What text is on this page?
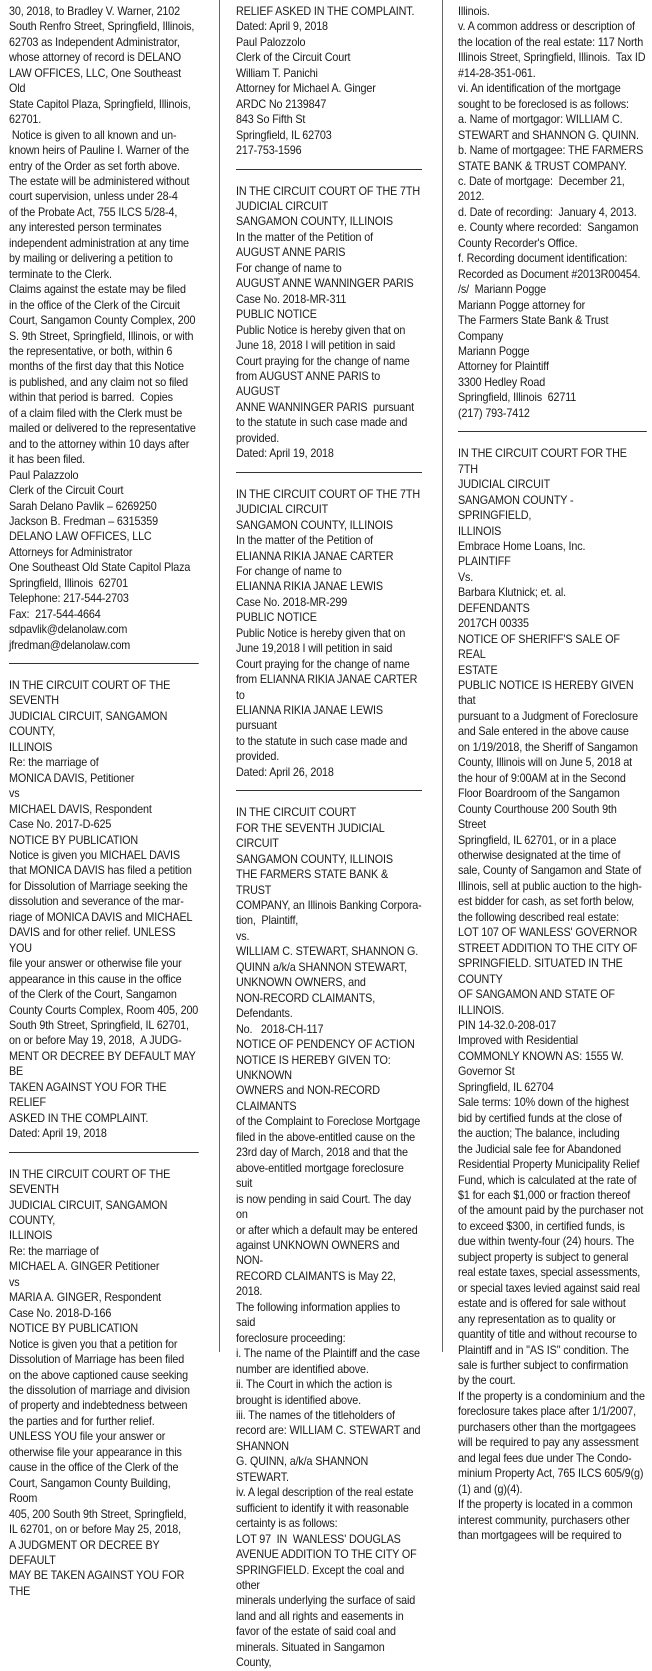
30, 2018, to Bradley V. Warner, 2102

South Renfro Street, Springfield, Illinois,

62703 as Independent Administrator,

whose attorney of record is DELANO

LAW OFFICES, LLC, One Southeast Old

State Capitol Plaza, Springfield, Illinois,

62701.

Notice is given to all known and un-

known heirs of Pauline I. Warner of the

entry of the Order as set forth above.

The estate will be administered without

court supervision, unless under 28-4

of the Probate Act, 755 ILCS 5/28-4,

any interested person terminates

independent administration at any time

by mailing or delivering a petition to

terminate to the Clerk.

Claims against the estate may be filed

in the office of the Clerk of the Circuit

Court, Sangamon County Complex, 200

S. 9th Street, Springfield, Illinois, or with

the representative, or both, within 6

months of the first day that this Notice

is published, and any claim not so filed

within that period is barred.  Copies

of a claim filed with the Clerk must be

mailed or delivered to the representative

and to the attorney within 10 days after

it has been filed.

Paul Palazzolo

Clerk of the Circuit Court

Sarah Delano Pavlik – 6269250

Jackson B. Fredman – 6315359

DELANO LAW OFFICES, LLC

Attorneys for Administrator

One Southeast Old State Capitol Plaza

Springfield, Illinois  62701

Telephone: 217-544-2703

Fax:  217-544-4664

sdpavlik@delanolaw.com

jfredman@delanolaw.com

IN THE CIRCUIT COURT OF THE SEVENTH

JUDICIAL CIRCUIT, SANGAMON COUNTY,

ILLINOIS

Re: the marriage of

MONICA DAVIS, Petitioner

vs

MICHAEL DAVIS, Respondent

Case No. 2017-D-625

NOTICE BY PUBLICATION

Notice is given you MICHAEL DAVIS

that MONICA DAVIS has filed a petition

for Dissolution of Marriage seeking the

dissolution and severance of the mar-

riage of MONICA DAVIS and MICHAEL

DAVIS and for other relief. UNLESS YOU

file your answer or otherwise file your

appearance in this cause in the office

of the Clerk of the Court, Sangamon

County Courts Complex, Room 405, 200

South 9th Street, Springfield, IL 62701,

on or before May 19, 2018,  A JUDG-

MENT OR DECREE BY DEFAULT MAY BE

TAKEN AGAINST YOU FOR THE RELIEF

ASKED IN THE COMPLAINT.

Dated: April 19, 2018

IN THE CIRCUIT COURT OF THE SEVENTH

JUDICIAL CIRCUIT, SANGAMON COUNTY,

ILLINOIS

Re: the marriage of

MICHAEL A. GINGER Petitioner

vs

MARIA A. GINGER, Respondent

Case No. 2018-D-166

NOTICE BY PUBLICATION

Notice is given you that a petition for

Dissolution of Marriage has been filed

on the above captioned cause seeking

the dissolution of marriage and division

of property and indebtedness between

the parties and for further relief.

UNLESS YOU file your answer or

otherwise file your appearance in this

cause in the office of the Clerk of the

Court, Sangamon County Building, Room

405, 200 South 9th Street, Springfield,

IL 62701, on or before May 25, 2018,

A JUDGMENT OR DECREE BY DEFAULT

MAY BE TAKEN AGAINST YOU FOR THE

RELIEF ASKED IN THE COMPLAINT.

Dated: April 9, 2018

Paul Palozzolo

Clerk of the Circuit Court

William T. Panichi

Attorney for Michael A. Ginger

ARDC No 2139847

843 So Fifth St

Springfield, IL 62703

217-753-1596

IN THE CIRCUIT COURT OF THE 7TH

JUDICIAL CIRCUIT

SANGAMON COUNTY, ILLINOIS

In the matter of the Petition of

AUGUST ANNE PARIS

For change of name to

AUGUST ANNE WANNINGER PARIS

Case No. 2018-MR-311

PUBLIC NOTICE

Public Notice is hereby given that on

June 18, 2018 I will petition in said

Court praying for the change of name

from AUGUST ANNE PARIS to AUGUST

ANNE WANNINGER PARIS  pursuant

to the statute in such case made and

provided.

Dated: April 19, 2018

IN THE CIRCUIT COURT OF THE 7TH

JUDICIAL CIRCUIT

SANGAMON COUNTY, ILLINOIS

In the matter of the Petition of

ELIANNA RIKIA JANAE CARTER

For change of name to

ELIANNA RIKIA JANAE LEWIS

Case No. 2018-MR-299

PUBLIC NOTICE

Public Notice is hereby given that on

June 19,2018 I will petition in said

Court praying for the change of name

from ELIANNA RIKIA JANAE CARTER to

ELIANNA RIKIA JANAE LEWIS  pursuant

to the statute in such case made and

provided.

Dated: April 26, 2018

IN THE CIRCUIT COURT

FOR THE SEVENTH JUDICIAL CIRCUIT

SANGAMON COUNTY, ILLINOIS

THE FARMERS STATE BANK & TRUST

COMPANY, an Illinois Banking Corpora-

tion,  Plaintiff,

vs.

WILLIAM C. STEWART, SHANNON G.

QUINN a/k/a SHANNON STEWART,

UNKNOWN OWNERS, and

NON-RECORD CLAIMANTS, Defendants.

No.   2018-CH-117

NOTICE OF PENDENCY OF ACTION

NOTICE IS HEREBY GIVEN TO: UNKNOWN

OWNERS and NON-RECORD CLAIMANTS

of the Complaint to Foreclose Mortgage

filed in the above-entitled cause on the

23rd day of March, 2018 and that the

above-entitled mortgage foreclosure suit

is now pending in said Court. The day on

or after which a default may be entered

against UNKNOWN OWNERS and NON-

RECORD CLAIMANTS is May 22, 2018.

The following information applies to said

foreclosure proceeding:

i. The name of the Plaintiff and the case

number are identified above.

ii. The Court in which the action is

brought is identified above.

iii. The names of the titleholders of

record are: WILLIAM C. STEWART and

SHANNON

G. QUINN, a/k/a SHANNON STEWART.

iv. A legal description of the real estate

sufficient to identify it with reasonable

certainty is as follows:

LOT 97  IN  WANLESS' DOUGLAS

AVENUE ADDITION TO THE CITY OF

SPRINGFIELD. Except the coal and other

minerals underlying the surface of said

land and all rights and easements in

favor of the estate of said coal and

minerals. Situated in Sangamon County,

Illinois.

v. A common address or description of

the location of the real estate: 117 North

Illinois Street, Springfield, Illinois.  Tax ID

#14-28-351-061.

vi. An identification of the mortgage

sought to be foreclosed is as follows:

a. Name of mortgagor: WILLIAM C.

STEWART and SHANNON G. QUINN.

b. Name of mortgagee: THE FARMERS

STATE BANK & TRUST COMPANY.

c. Date of mortgage:  December 21,

2012.

d. Date of recording:  January 4, 2013.

e. County where recorded:  Sangamon

County Recorder's Office.

f. Recording document identification:

Recorded as Document #2013R00454.

/s/  Mariann Pogge

Mariann Pogge attorney for

The Farmers State Bank & Trust

Company

Mariann Pogge

Attorney for Plaintiff

3300 Hedley Road

Springfield, Illinois  62711

(217) 793-7412

IN THE CIRCUIT COURT FOR THE 7TH

JUDICIAL CIRCUIT

SANGAMON COUNTY - SPRINGFIELD,

ILLINOIS

Embrace Home Loans, Inc.

PLAINTIFF

Vs.

Barbara Klutnick; et. al.

DEFENDANTS

2017CH 00335

NOTICE OF SHERIFF'S SALE OF REAL

ESTATE

PUBLIC NOTICE IS HEREBY GIVEN that

pursuant to a Judgment of Foreclosure

and Sale entered in the above cause

on 1/19/2018, the Sheriff of Sangamon

County, Illinois will on June 5, 2018 at

the hour of 9:00AM at in the Second

Floor Boardroom of the Sangamon

County Courthouse 200 South 9th Street

Springfield, IL 62701, or in a place

otherwise designated at the time of

sale, County of Sangamon and State of

Illinois, sell at public auction to the high-

est bidder for cash, as set forth below,

the following described real estate:

LOT 107 OF WANLESS' GOVERNOR

STREET ADDITION TO THE CITY OF

SPRINGFIELD. SITUATED IN THE COUNTY

OF SANGAMON AND STATE OF ILLINOIS.

PIN 14-32.0-208-017

Improved with Residential

COMMONLY KNOWN AS: 1555 W.

Governor St

Springfield, IL 62704

Sale terms: 10% down of the highest

bid by certified funds at the close of

the auction; The balance, including

the Judicial sale fee for Abandoned

Residential Property Municipality Relief

Fund, which is calculated at the rate of

$1 for each $1,000 or fraction thereof

of the amount paid by the purchaser not

to exceed $300, in certified funds, is

due within twenty-four (24) hours. The

subject property is subject to general

real estate taxes, special assessments,

or special taxes levied against said real

estate and is offered for sale without

any representation as to quality or

quantity of title and without recourse to

Plaintiff and in "AS IS" condition. The

sale is further subject to confirmation

by the court.

If the property is a condominium and the

foreclosure takes place after 1/1/2007,

purchasers other than the mortgagees

will be required to pay any assessment

and legal fees due under The Condo-

minium Property Act, 765 ILCS 605/9(g)

(1) and (g)(4).

If the property is located in a common

interest community, purchasers other

than mortgagees will be required to
